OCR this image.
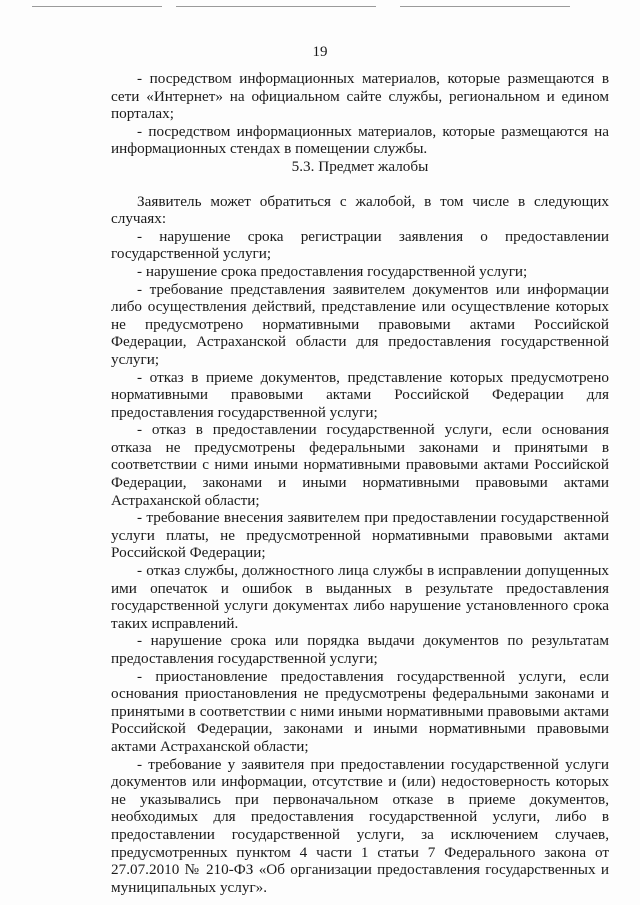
19

- посредством информационных материалов, которые размещаются в сети «Интернет» на официальном сайте службы, региональном и едином порталах;

- посредством информационных материалов, которые размещаются на информационных стендах в помещении службы.

5.3. Предмет жалобы

Заявитель может обратиться с жалобой, в том числе в следующих случаях:

- нарушение срока регистрации заявления о предоставлении государственной услуги;

- нарушение срока предоставления государственной услуги;

- требование представления заявителем документов или информации либо осуществления действий, представление или осуществление которых не предусмотрено нормативными правовыми актами Российской Федерации, Астраханской области для предоставления государственной услуги;

- отказ в приеме документов, представление которых предусмотрено нормативными правовыми актами Российской Федерации для предоставления государственной услуги;

- отказ в предоставлении государственной услуги, если основания отказа не предусмотрены федеральными законами и принятыми в соответствии с ними иными нормативными правовыми актами Российской Федерации, законами и иными нормативными правовыми актами Астраханской области;

- требование внесения заявителем при предоставлении государственной услуги платы, не предусмотренной нормативными правовыми актами Российской Федерации;

- отказ службы, должностного лица службы в исправлении допущенных ими опечаток и ошибок в выданных в результате предоставления государственной услуги документах либо нарушение установленного срока таких исправлений.

- нарушение срока или порядка выдачи документов по результатам предоставления государственной услуги;

- приостановление предоставления государственной услуги, если основания приостановления не предусмотрены федеральными законами и принятыми в соответствии с ними иными нормативными правовыми актами Российской Федерации, законами и иными нормативными правовыми актами Астраханской области;

- требование у заявителя при предоставлении государственной услуги документов или информации, отсутствие и (или) недостоверность которых не указывались при первоначальном отказе в приеме документов, необходимых для предоставления государственной услуги, либо в предоставлении государственной услуги, за исключением случаев, предусмотренных пунктом 4 части 1 статьи 7 Федерального закона от 27.07.2010 № 210-ФЗ «Об организации предоставления государственных и муниципальных услуг».
